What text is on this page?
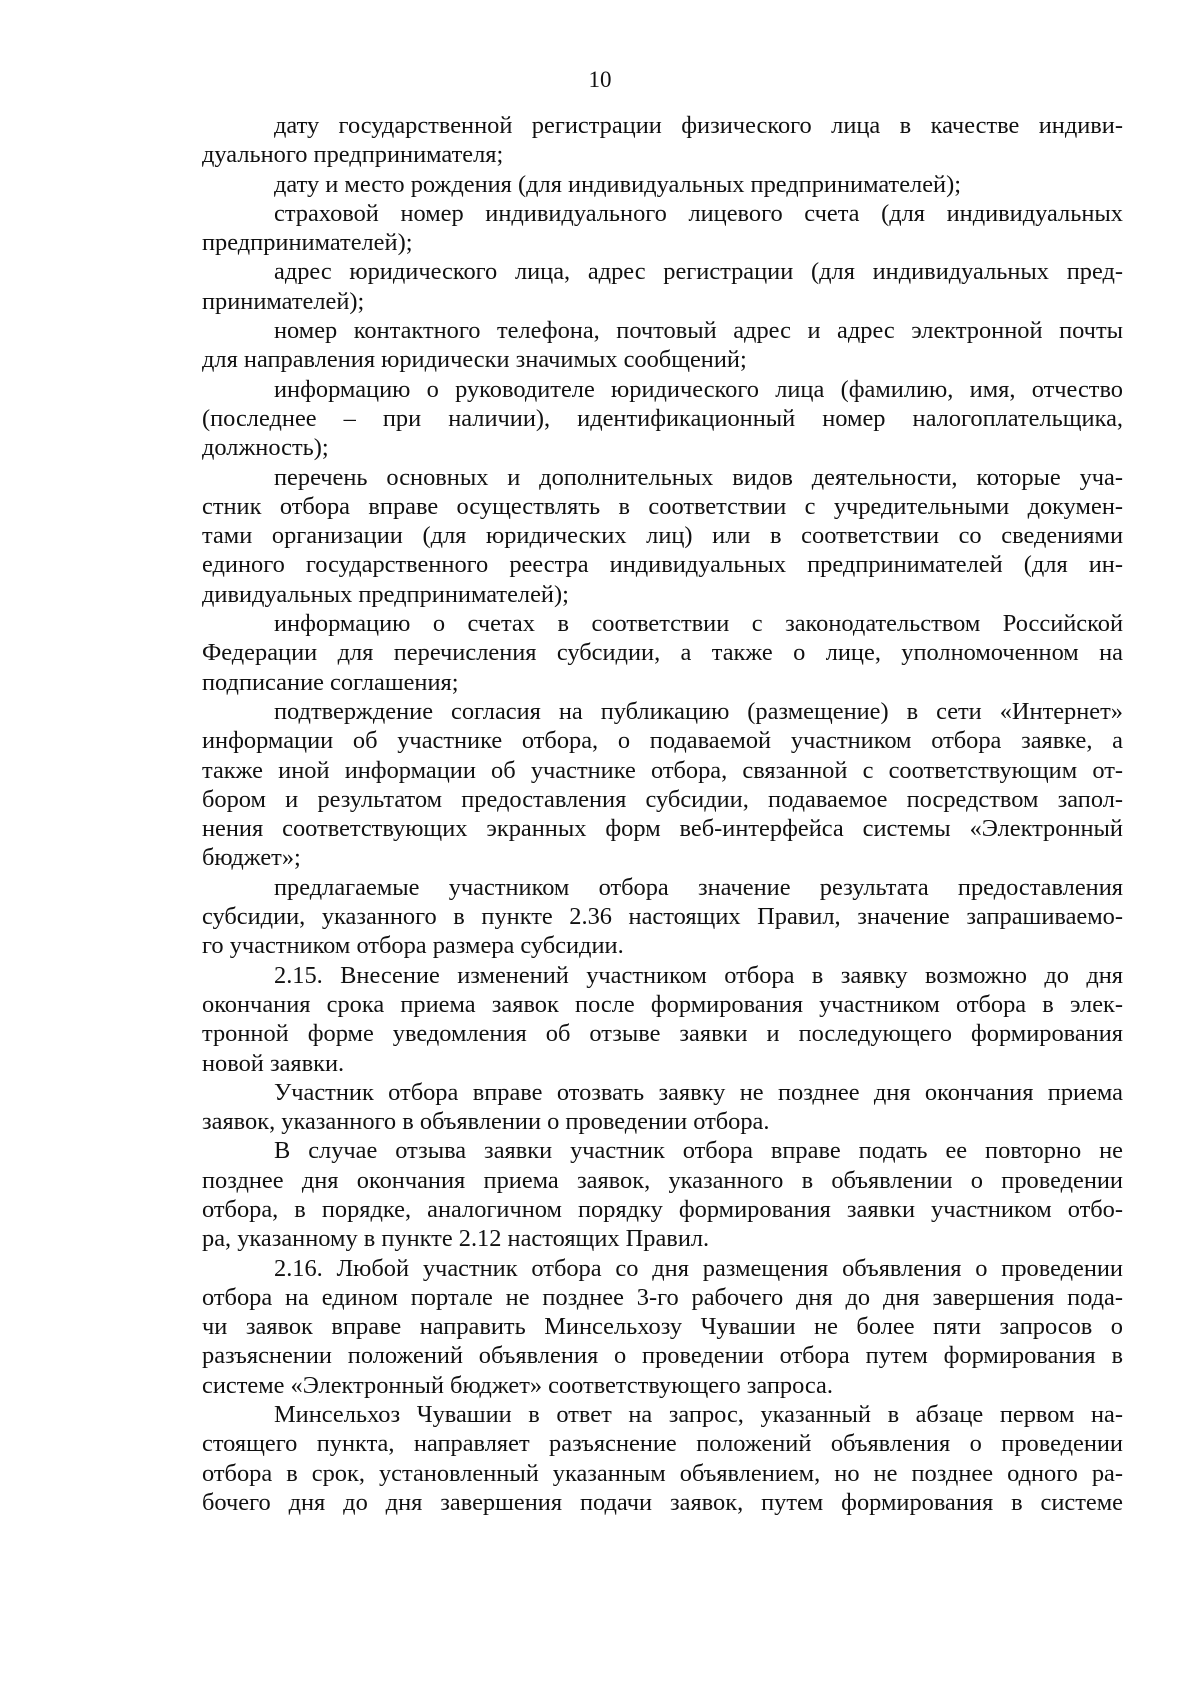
10
дату государственной регистрации физического лица в качестве индиви-
дуального предпринимателя;
дату и место рождения (для индивидуальных предпринимателей);
страховой номер индивидуального лицевого счета (для индивидуальных
предпринимателей);
адрес юридического лица, адрес регистрации (для индивидуальных пред-
принимателей);
номер контактного телефона, почтовый адрес и адрес электронной почты
для направления юридически значимых сообщений;
информацию о руководителе юридического лица (фамилию, имя, отчество
(последнее – при наличии), идентификационный номер налогоплательщика,
должность);
перечень основных и дополнительных видов деятельности, которые уча-
стник отбора вправе осуществлять в соответствии с учредительными докумен-
тами организации (для юридических лиц) или в соответствии со сведениями
единого государственного реестра индивидуальных предпринимателей (для ин-
дивидуальных предпринимателей);
информацию о счетах в соответствии с законодательством Российской
Федерации для перечисления субсидии, а также о лице, уполномоченном на
подписание соглашения;
подтверждение согласия на публикацию (размещение) в сети «Интернет»
информации об участнике отбора, о подаваемой участником отбора заявке, а
также иной информации об участнике отбора, связанной с соответствующим от-
бором и результатом предоставления субсидии, подаваемое посредством запол-
нения соответствующих экранных форм веб-интерфейса системы «Электронный
бюджет»;
предлагаемые участником отбора значение результата предоставления
субсидии, указанного в пункте 2.36 настоящих Правил, значение запрашиваемо-
го участником отбора размера субсидии.
2.15. Внесение изменений участником отбора в заявку возможно до дня
окончания срока приема заявок после формирования участником отбора в элек-
тронной форме уведомления об отзыве заявки и последующего формирования
новой заявки.
Участник отбора вправе отозвать заявку не позднее дня окончания приема
заявок, указанного в объявлении о проведении отбора.
В случае отзыва заявки участник отбора вправе подать ее повторно не
позднее дня окончания приема заявок, указанного в объявлении о проведении
отбора, в порядке, аналогичном порядку формирования заявки участником отбо-
ра, указанному в пункте 2.12 настоящих Правил.
2.16. Любой участник отбора со дня размещения объявления о проведении
отбора на едином портале не позднее 3-го рабочего дня до дня завершения пода-
чи заявок вправе направить Минсельхозу Чувашии не более пяти запросов о
разъяснении положений объявления о проведении отбора путем формирования в
системе «Электронный бюджет» соответствующего запроса.
Минсельхоз Чувашии в ответ на запрос, указанный в абзаце первом на-
стоящего пункта, направляет разъяснение положений объявления о проведении
отбора в срок, установленный указанным объявлением, но не позднее одного ра-
бочего дня до дня завершения подачи заявок, путем формирования в системе
